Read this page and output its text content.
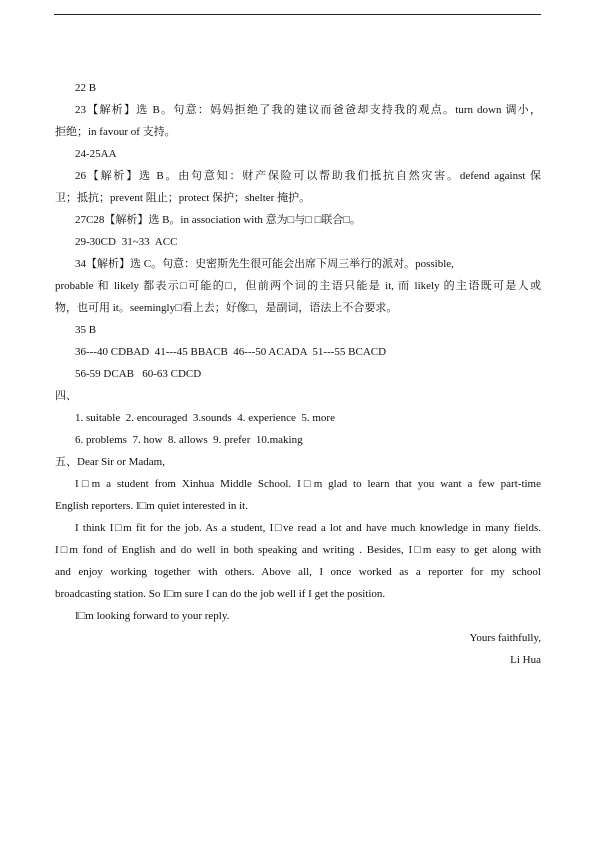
22 B
23【解析】选 B。句意：妈妈拒绝了我的建议而爸爸却支持我的观点。turn down 调小，
拒绝；in favour of 支持。
24-25AA
26【解析】选 B。由句意知：财产保险可以帮助我们抵抗自然灾害。defend against 保
卫；抵抗；prevent 阻止；protect 保护；shelter 掩护。
27C28【解析】选 B。in association with 意为□与□ □联合□。
29-30CD 31~33 ACC
34【解析】选 C。句意：史密斯先生很可能会出席下周三举行的派对。possible,
probable 和 likely 都表示□可能的□，但前两个词的主语只能是 it, 而 likely 的主语既可是人或
物，也可用 it。seemingly□看上去；好像□，是副词，语法上不合要求。
35 B
36---40 CDBAD  41---45 BBACB  46---50 ACADA  51---55 BCACD
56-59 DCAB   60-63 CDCD
四、
1. suitable  2. encouraged  3.sounds  4. experience  5. more
6. problems  7. how  8. allows  9. prefer  10.making
五、Dear Sir or Madam,
I□m a student from Xinhua Middle School. I□m glad to learn that you want a few part-time
English reporters. I□m quiet interested in it.
I think I□m fit for the job. As a student, I□ve read a lot and have much knowledge in many fields.
I□m fond of English and do well in both speaking and writing . Besides, I□m easy to get along with
and enjoy working together with others. Above all, I once worked as a reporter for my school
broadcasting station. So I□m sure I can do the job well if I get the position.
I□m looking forward to your reply.
Yours faithfully,
Li Hua
